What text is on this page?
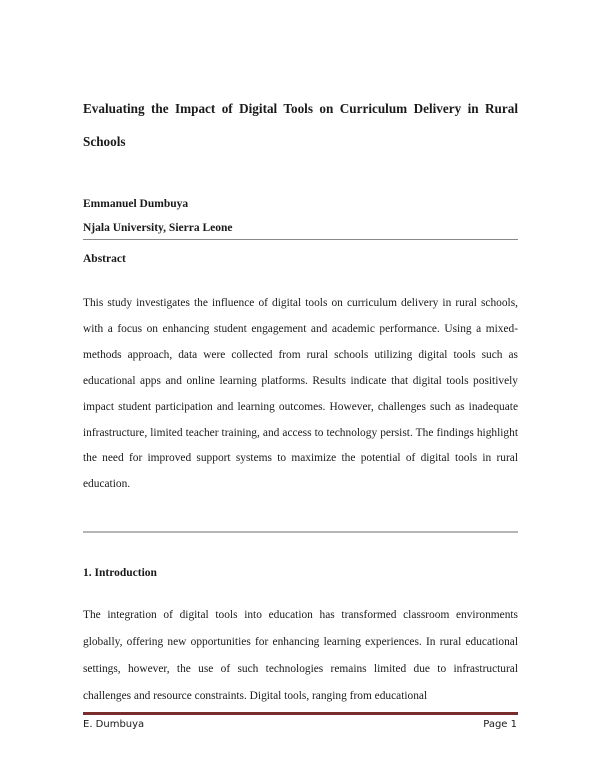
Evaluating the Impact of Digital Tools on Curriculum Delivery in Rural Schools

Emmanuel Dumbuya

Njala University, Sierra Leone

Abstract

This study investigates the influence of digital tools on curriculum delivery in rural schools, with a focus on enhancing student engagement and academic performance. Using a mixed-methods approach, data were collected from rural schools utilizing digital tools such as educational apps and online learning platforms. Results indicate that digital tools positively impact student participation and learning outcomes. However, challenges such as inadequate infrastructure, limited teacher training, and access to technology persist. The findings highlight the need for improved support systems to maximize the potential of digital tools in rural education.

1. Introduction

The integration of digital tools into education has transformed classroom environments globally, offering new opportunities for enhancing learning experiences. In rural educational settings, however, the use of such technologies remains limited due to infrastructural challenges and resource constraints. Digital tools, ranging from educational

E. Dumbuya	Page 1
